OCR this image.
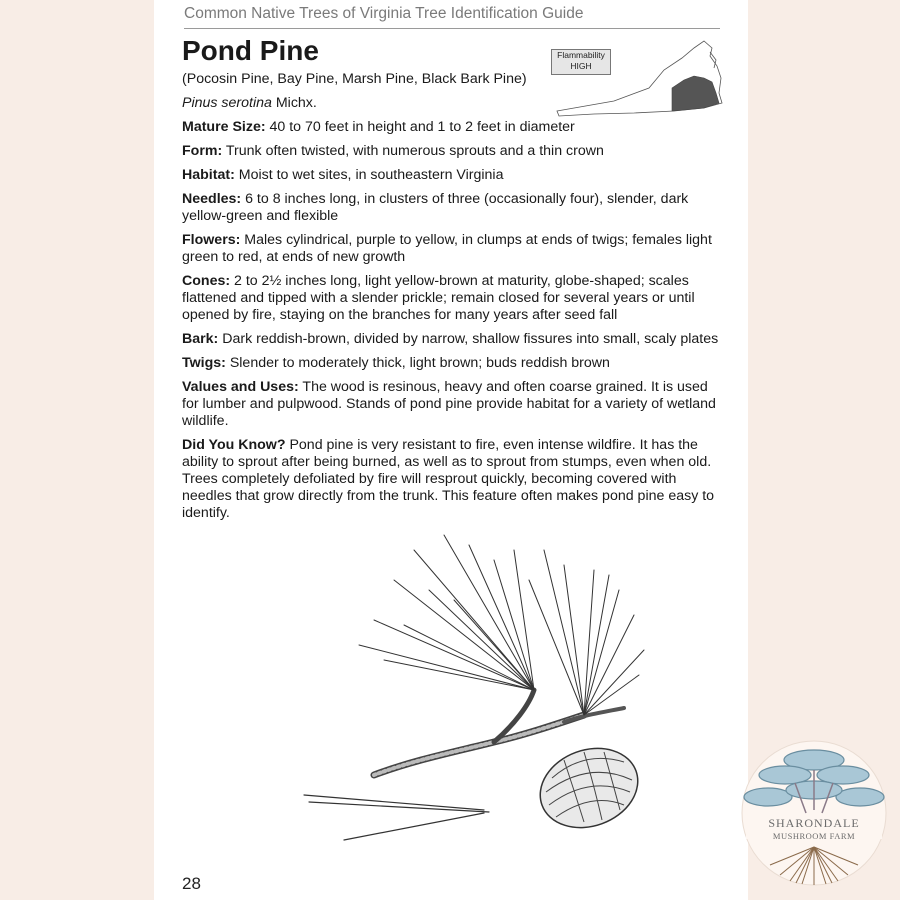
Common Native Trees of Virginia Tree Identification Guide
Pond Pine	Flammability
HIGH

(Pocosin Pine, Bay Pine, Marsh Pine, Black Bark Pine)

Pinus serotina Michx.

Mature Size: 40 to 70 feet in height and 1 to 2 feet in diameter

Form: Trunk often twisted, with numerous sprouts and a thin crown

Habitat: Moist to wet sites, in southeastern Virginia

Needles: 6 to 8 inches long, in clusters of three (occasionally four), slender, dark yellow-green and flexible

Flowers: Males cylindrical, purple to yellow, in clumps at ends of twigs; females light green to red, at ends of new growth

Cones: 2 to 2½ inches long, light yellow-brown at maturity, globe-shaped; scales flattened and tipped with a slender prickle; remain closed for several years or until opened by fire, staying on the branches for many years after seed fall

Bark: Dark reddish-brown, divided by narrow, shallow fissures into small, scaly plates

Twigs: Slender to moderately thick, light brown; buds reddish brown

Values and Uses: The wood is resinous, heavy and often coarse grained. It is used for lumber and pulpwood. Stands of pond pine provide habitat for a variety of wetland wildlife.

Did You Know? Pond pine is very resistant to fire, even intense wildfire. It has the ability to sprout after being burned, as well as to sprout from stumps, even when old. Trees completely defoliated by fire will resprout quickly, becoming covered with needles that grow directly from the trunk. This feature often makes pond pine easy to identify.

28
SHARONDALE
MUSHROOM FARM
